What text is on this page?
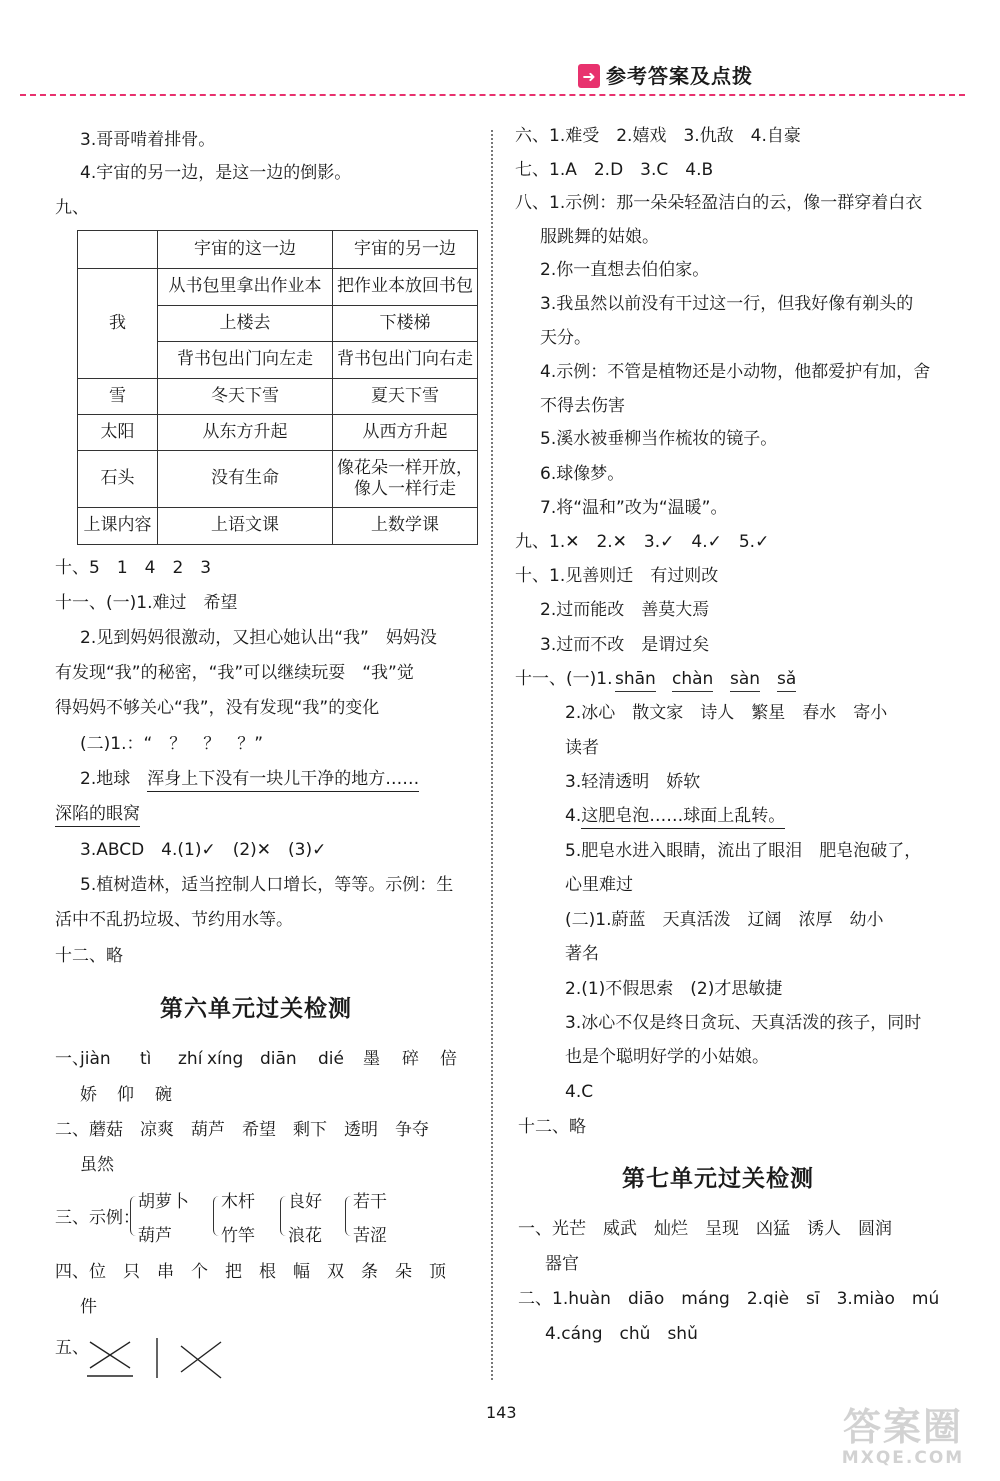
➜ 参考答案及点拨
3.哥哥啃着排骨。
4.宇宙的另一边，是这一边的倒影。
九、
	宇宙的这一边	宇宙的另一边
我	从书包里拿出作业本	把作业本放回书包
	上楼去	下楼梯
	背书包出门向左走	背书包出门向右走
雪	冬天下雪	夏天下雪
太阳	从东方升起	从西方升起
石头	没有生命	像花朵一样开放，
像人一样行走

上课内容	上语文课	上数学课
十、5　1　4　2　3
十一、(一)1.难过　希望
2.见到妈妈很激动，又担心她认出“我”　妈妈没
有发现“我”的秘密，“我”可以继续玩耍　“我”觉
得妈妈不够关心“我”，没有发现“我”的变化
(二)1.：“　？　？　？”
2.地球　浑身上下没有一块儿干净的地方……
深陷的眼窝
3.ABCD　4.(1)✓　(2)✕　(3)✓
5.植树造林，适当控制人口增长，等等。示例：生
活中不乱扔垃圾、节约用水等。
十二、略
第六单元过关检测
一、
jiàn tì zhí xíng diān dié 墨 碎 倍
娇 仰 碗
二、蘑菇　凉爽　葫芦　希望　剩下　透明　争夺
虽然
三、示例：
胡萝卜
葫芦
木杆
竹竿
良好
浪花
若干
苦涩
四、位　只　串　个　把　根　幅　双　条　朵　顶
件
五、
六、1.难受　2.嬉戏　3.仇敌　4.自豪
七、1.A　2.D　3.C　4.B
八、1.示例：那一朵朵轻盈洁白的云，像一群穿着白衣
服跳舞的姑娘。
2.你一直想去伯伯家。
3.我虽然以前没有干过这一行，但我好像有剃头的
天分。
4.示例：不管是植物还是小动物，他都爱护有加，舍
不得去伤害
5.溪水被垂柳当作梳妆的镜子。
6.球像梦。
7.将“温和”改为“温暖”。
九、1.✕　2.✕　3.✓　4.✓　5.✓
十、1.见善则迁　有过则改
2.过而能改　善莫大焉
3.过而不改　是谓过矣
十一、(一)1. shān chàn sàn sǎ
2.冰心　散文家　诗人　繁星　春水　寄小
读者
3.轻清透明　娇软
4.这肥皂泡……球面上乱转。
5.肥皂水进入眼睛，流出了眼泪　肥皂泡破了，
心里难过
(二)1.蔚蓝　天真活泼　辽阔　浓厚　幼小
著名
2.(1)不假思索　(2)才思敏捷
3.冰心不仅是终日贪玩、天真活泼的孩子，同时
也是个聪明好学的小姑娘。
4.C
十二、略
第七单元过关检测
一、光芒　威武　灿烂　呈现　凶猛　诱人　圆润
器官
二、1.huàn　diāo　máng　2.qiè　sī　3.miào　mú
4.cáng　chǔ　shǔ
143	答案圈
MXQE.COM
